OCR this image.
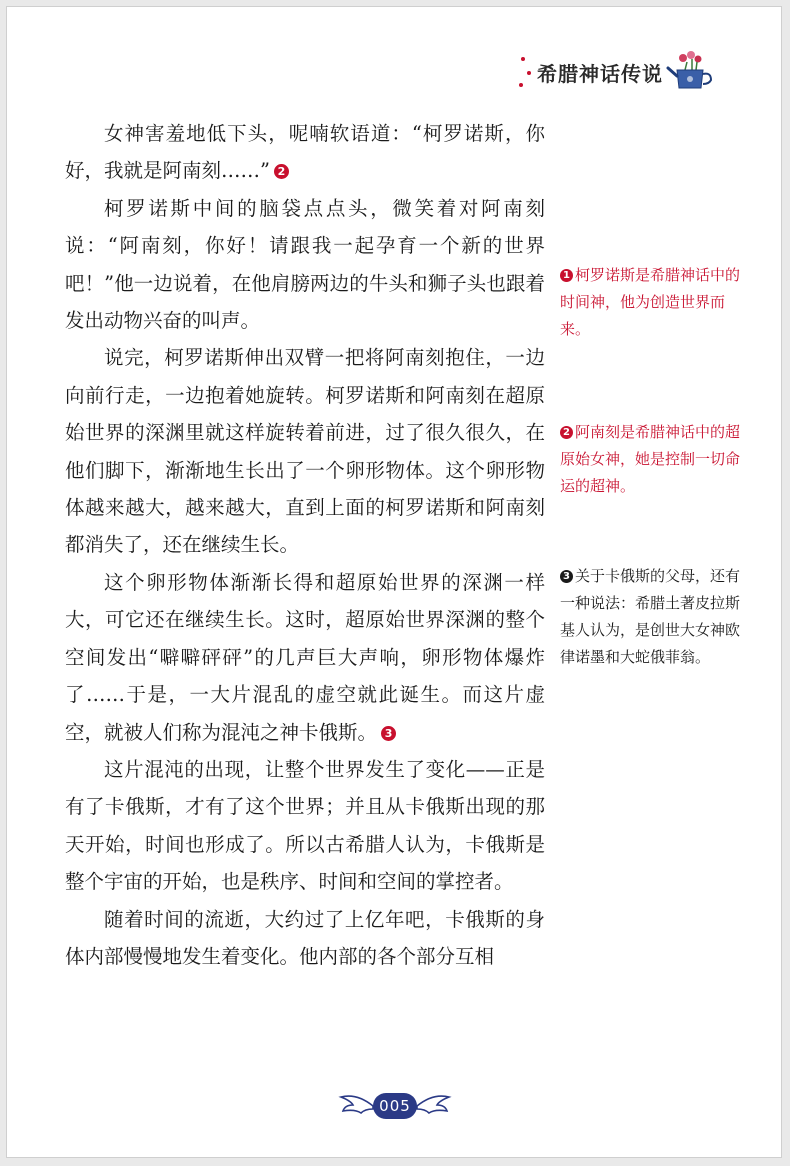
希腊神话传说

女神害羞地低下头，呢喃软语道：“柯罗诺斯，你好，我就是阿南刻……” 2

柯罗诺斯中间的脑袋点点头，微笑着对阿南刻说：“阿南刻，你好！请跟我一起孕育一个新的世界吧！”他一边说着，在他肩膀两边的牛头和狮子头也跟着发出动物兴奋的叫声。

说完，柯罗诺斯伸出双臂一把将阿南刻抱住，一边向前行走，一边抱着她旋转。柯罗诺斯和阿南刻在超原始世界的深渊里就这样旋转着前进，过了很久很久，在他们脚下，渐渐地生长出了一个卵形物体。这个卵形物体越来越大，越来越大，直到上面的柯罗诺斯和阿南刻都消失了，还在继续生长。

这个卵形物体渐渐长得和超原始世界的深渊一样大，可它还在继续生长。这时，超原始世界深渊的整个空间发出“噼噼砰砰”的几声巨大声响，卵形物体爆炸了……于是，一大片混乱的虚空就此诞生。而这片虚空，就被人们称为混沌之神卡俄斯。 3

这片混沌的出现，让整个世界发生了变化——正是有了卡俄斯，才有了这个世界；并且从卡俄斯出现的那天开始，时间也形成了。所以古希腊人认为，卡俄斯是整个宇宙的开始，也是秩序、时间和空间的掌控者。

随着时间的流逝，大约过了上亿年吧，卡俄斯的身体内部慢慢地发生着变化。他内部的各个部分互相

1 柯罗诺斯是希腊神话中的时间神，他为创造世界而来。
2 阿南刻是希腊神话中的超原始女神，她是控制一切命运的超神。
3 关于卡俄斯的父母，还有一种说法：希腊土著皮拉斯基人认为，是创世大女神欧律诺墨和大蛇俄菲翁。
005
